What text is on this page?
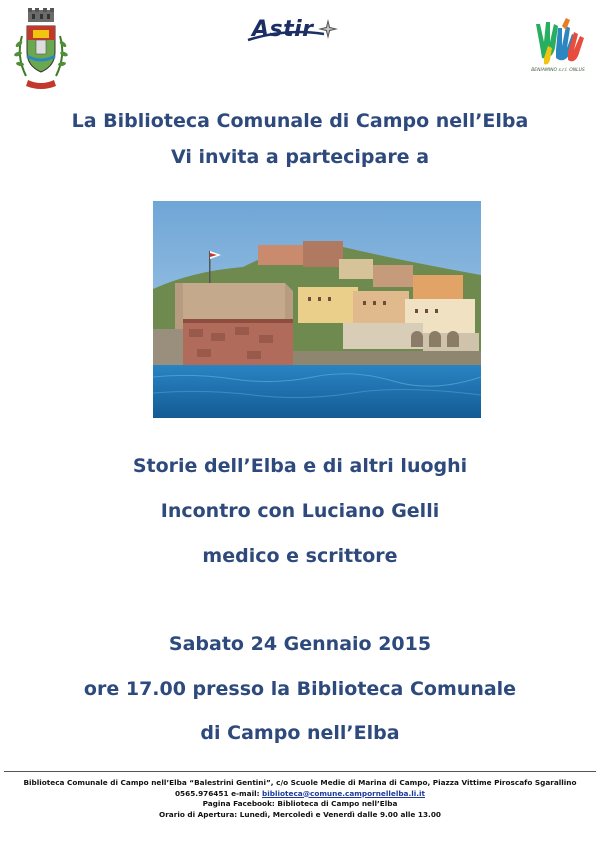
Astir
BENIAMINO s.r.l. ONLUS
La Biblioteca Comunale di Campo nell’Elba
Vi invita a partecipare a
Storie dell’Elba e di altri luoghi
Incontro con Luciano Gelli
medico e scrittore
Sabato 24 Gennaio 2015
ore 17.00 presso la Biblioteca Comunale
di Campo nell’Elba
Biblioteca Comunale di Campo nell’Elba “Balestrini Gentini”, c/o Scuole Medie di Marina di Campo, Piazza Vittime Piroscafo Sgarallino
0565.976451 e-mail: biblioteca@comune.campornellelba.li.it
Pagina Facebook: Biblioteca di Campo nell’Elba
Orario di Apertura: Lunedì, Mercoledì e Venerdì dalle 9.00 alle 13.00
